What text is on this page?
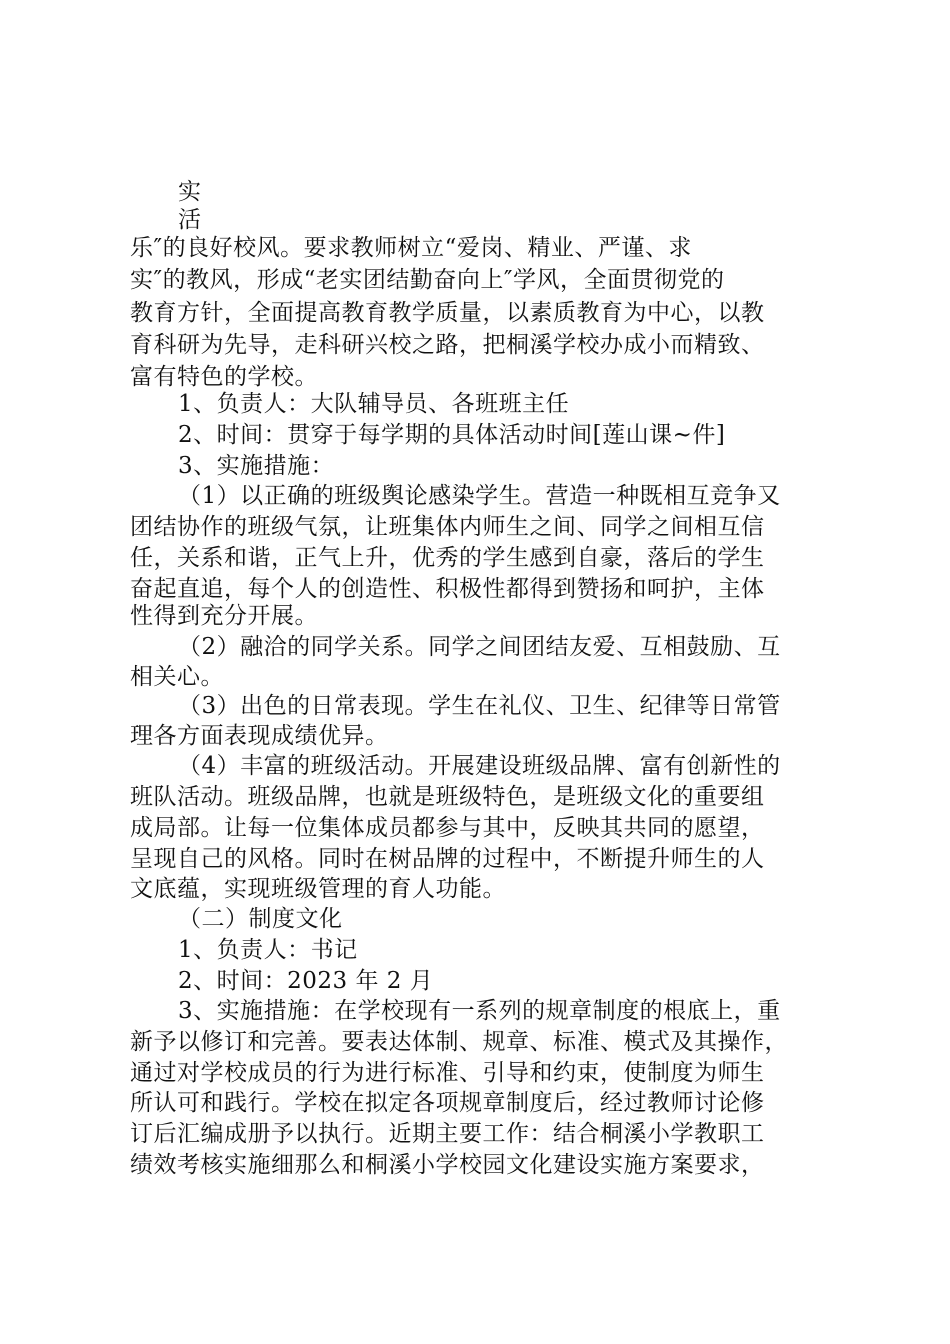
实
活
乐″的良好校风。要求教师树立“爱岗、精业、严谨、求
实″的教风，形成“老实团结勤奋向上″学风，全面贯彻党的
教育方针，全面提高教育教学质量，以素质教育为中心，以教
育科研为先导，走科研兴校之路，把桐溪学校办成小而精致、
富有特色的学校。
1、负责人：大队辅导员、各班班主任
2、时间：贯穿于每学期的具体活动时间[莲山课~件]
3、实施措施：
（1）以正确的班级舆论感染学生。营造一种既相互竞争又
团结协作的班级气氛，让班集体内师生之间、同学之间相互信
任，关系和谐，正气上升，优秀的学生感到自豪，落后的学生
奋起直追，每个人的创造性、积极性都得到赞扬和呵护，主体
性得到充分开展。
（2）融洽的同学关系。同学之间团结友爱、互相鼓励、互
相关心。
（3）出色的日常表现。学生在礼仪、卫生、纪律等日常管
理各方面表现成绩优异。
（4）丰富的班级活动。开展建设班级品牌、富有创新性的
班队活动。班级品牌，也就是班级特色，是班级文化的重要组
成局部。让每一位集体成员都参与其中，反映其共同的愿望，
呈现自己的风格。同时在树品牌的过程中，不断提升师生的人
文底蕴，实现班级管理的育人功能。
（二）制度文化
1、负责人：书记
2、时间：2023 年 2 月
3、实施措施：在学校现有一系列的规章制度的根底上，重
新予以修订和完善。要表达体制、规章、标准、模式及其操作，
通过对学校成员的行为进行标准、引导和约束，使制度为师生
所认可和践行。学校在拟定各项规章制度后，经过教师讨论修
订后汇编成册予以执行。近期主要工作：结合桐溪小学教职工
绩效考核实施细那么和桐溪小学校园文化建设实施方案要求，
